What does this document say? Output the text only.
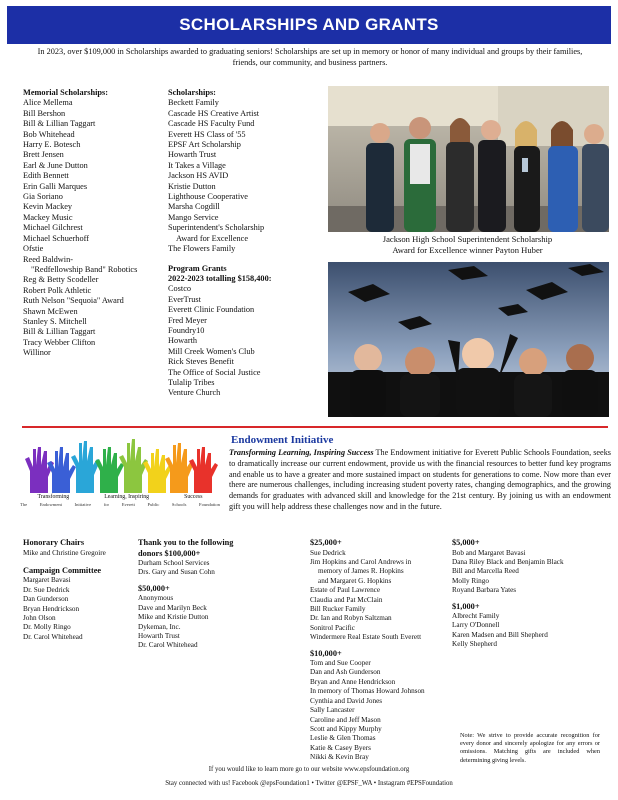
SCHOLARSHIPS AND GRANTS
In 2023, over $109,000 in Scholarships awarded to graduating seniors! Scholarships are set up in memory or honor of many individual and groups by their families, friends, our community, and business partners.
Memorial Scholarships:
Alice Mellema
Bill Bershon
Bill & Lillian Taggart
Bob Whitehead
Harry E. Botesch
Brett Jensen
Earl & June Dutton
Edith Bennett
Erin Galli Marques
Gia Soriano
Kevin Mackey
Mackey Music
Michael Gilchrest
Michael Schuerhoff
Ofstie
Reed Baldwin-
"Redfellowship Band" Robotics
Reg & Betty Scodeller
Robert Polk Athletic
Ruth Nelson "Sequoia" Award
Shawn McEwen
Stanley S. Mitchell
Bill & Lillian Taggart
Tracy Webber Clifton
Willinor
Scholarships:
Beckett Family
Cascade HS Creative Artist
Cascade HS Faculty Fund
Everett HS Class of '55
EPSF Art Scholarship
Howarth Trust
It Takes a Village
Jackson HS AVID
Kristie Dutton
Lighthouse Cooperative
Marsha Cogdill
Mango Service
Superintendent's Scholarship
Award for Excellence
The Flowers Family
Program Grants
2022-2023 totalling $158,400:
Costco
EverTrust
Everett Clinic Foundation
Fred Meyer
Foundry10
Howarth
Mill Creek Women's Club
Rick Steves Benefit
The Office of Social Justice
Tulalip Tribes
Venture Church
Jackson High School Superintendent Scholarship
Award for Excellence winner Payton Huber
Transforming	Learning, Inspiring	Success
The	Endowment	Initiative	for	Everett	Public	Schools	Foundation
Endowment Initiative
Transforming Learning, Inspiring Success The Endowment initiative for Everett Public Schools Foundation, seeks to dramatically increase our current endowment, provide us with the financial resources to better fund key programs and enable us to have a greater and more sustained impact on students for generations to come. Now more than ever there are numerous challenges, including increasing student poverty rates, changing demographics, and the growing demands for graduates with advanced skill and knowledge for the 21st century. By joining us with an endowment gift you will help address these challenges now and in the future.
Honorary Chairs
Mike and Christine Gregoire
Campaign Committee
Margaret Bavasi
Dr. Sue Dedrick
Dan Gunderson
Bryan Hendrickson
John Olson
Dr. Molly Ringo
Dr. Carol Whitehead
Thank you to the following
donors $100,000+
Durham School Services
Drs. Gary and Susan Cohn
$50,000+
Anonymous
Dave and Marilyn Beck
Mike and Kristie Dutton
Dykeman, Inc.
Howarth Trust
Dr. Carol Whitehead
$25,000+
Sue Dedrick
Jim Hopkins and Carol Andrews in
memory of James R. Hopkins
and Margaret G. Hopkins
Estate of Paul Lawrence
Claudia and Pat McClain
Bill Rucker Family
Dr. Ian and Robyn Saltzman
Sonitrol Pacific
Windermere Real Estate South Everett
$10,000+
Tom and Sue Cooper
Dan and Ash Gunderson
Bryan and Anne Hendrickson
In memory of Thomas Howard Johnson
Cynthia and David Jones
Sally Lancaster
Caroline and Jeff Mason
Scott and Kippy Murphy
Leslie & Glen Thomas
Katie & Casey Byers
Nikki & Kevin Bray
$5,000+
Bob and Margaret Bavasi
Dana Riley Black and Benjamin Black
Bill and Marcella Reed
Molly Ringo
Royand Barbara Yates
$1,000+
Albrecht Family
Larry O'Donnell
Karen Madsen and Bill Shepherd
Kelly Shepherd
Note: We strive to provide accurate recognition for every donor and sincerely apologize for any errors or omissions. Matching gifts are included when determining giving levels.
If you would like to learn more go to our website www.epsfoundation.org
Stay connected with us! Facebook @epsFoundation1 • Twitter @EPSF_WA • Instagram #EPSFoundation
